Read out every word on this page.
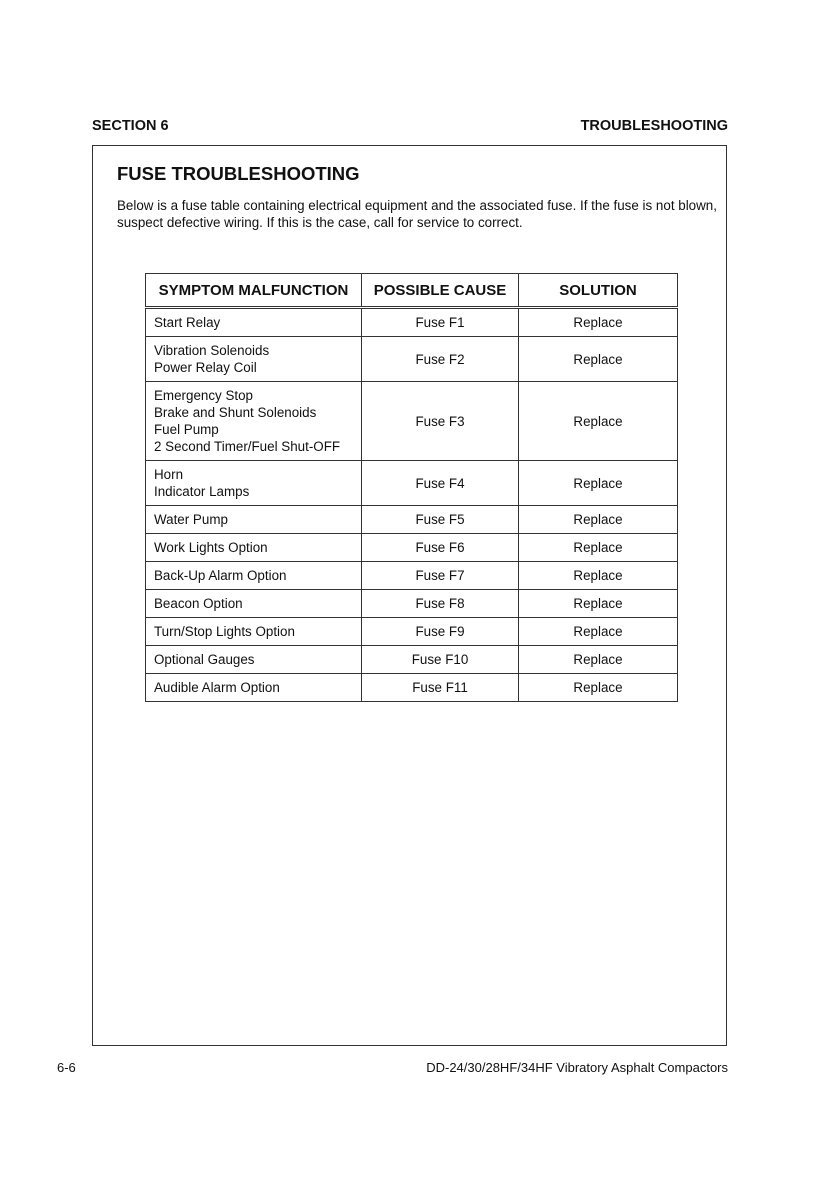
SECTION 6	TROUBLESHOOTING
FUSE TROUBLESHOOTING
Below is a fuse table containing electrical equipment and the associated fuse. If the fuse is not blown, suspect defective wiring. If this is the case, call for service to correct.
SYMPTOM MALFUNCTION	POSSIBLE CAUSE	SOLUTION

Start Relay	Fuse F1	Replace

Vibration Solenoids
Power Relay Coil	Fuse F2	Replace

Emergency Stop
Brake and Shunt Solenoids
Fuel Pump
2 Second Timer/Fuel Shut-OFF	Fuse F3	Replace

Horn
Indicator Lamps	Fuse F4	Replace

Water Pump	Fuse F5	Replace

Work Lights Option	Fuse F6	Replace

Back-Up Alarm Option	Fuse F7	Replace

Beacon Option	Fuse F8	Replace

Turn/Stop Lights Option	Fuse F9	Replace

Optional Gauges	Fuse F10	Replace

Audible Alarm Option	Fuse F11	Replace
6-6	DD-24/30/28HF/34HF Vibratory Asphalt Compactors
